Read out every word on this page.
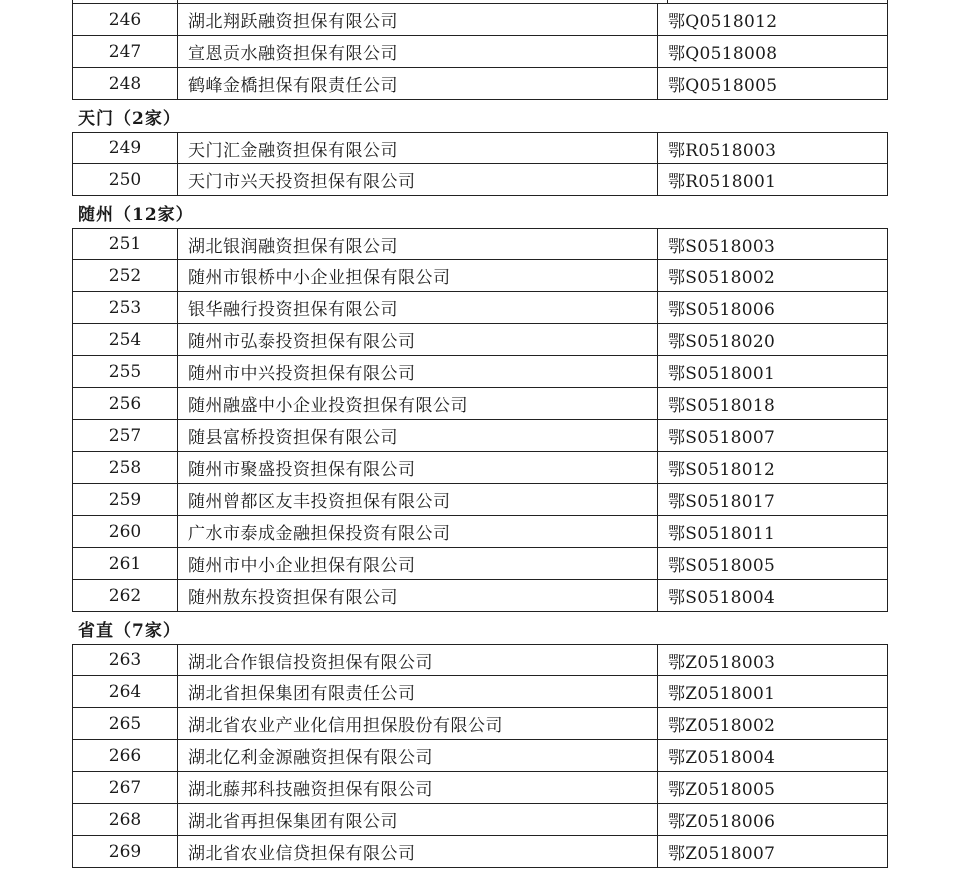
246	湖北翔跃融资担保有限公司	鄂Q0518012
247	宣恩贡水融资担保有限公司	鄂Q0518008
248	鹤峰金橋担保有限责任公司	鄂Q0518005
天门（2家）
249	天门汇金融资担保有限公司	鄂R0518003
250	天门市兴天投资担保有限公司	鄂R0518001
随州（12家）
251	湖北银润融资担保有限公司	鄂S0518003
252	随州市银桥中小企业担保有限公司	鄂S0518002
253	银华融行投资担保有限公司	鄂S0518006
254	随州市弘泰投资担保有限公司	鄂S0518020
255	随州市中兴投资担保有限公司	鄂S0518001
256	随州融盛中小企业投资担保有限公司	鄂S0518018
257	随县富桥投资担保有限公司	鄂S0518007
258	随州市聚盛投资担保有限公司	鄂S0518012
259	随州曾都区友丰投资担保有限公司	鄂S0518017
260	广水市泰成金融担保投资有限公司	鄂S0518011
261	随州市中小企业担保有限公司	鄂S0518005
262	随州敖东投资担保有限公司	鄂S0518004
省直（7家）
263	湖北合作银信投资担保有限公司	鄂Z0518003
264	湖北省担保集团有限责任公司	鄂Z0518001
265	湖北省农业产业化信用担保股份有限公司	鄂Z0518002
266	湖北亿利金源融资担保有限公司	鄂Z0518004
267	湖北藤邦科技融资担保有限公司	鄂Z0518005
268	湖北省再担保集团有限公司	鄂Z0518006
269	湖北省农业信贷担保有限公司	鄂Z0518007
